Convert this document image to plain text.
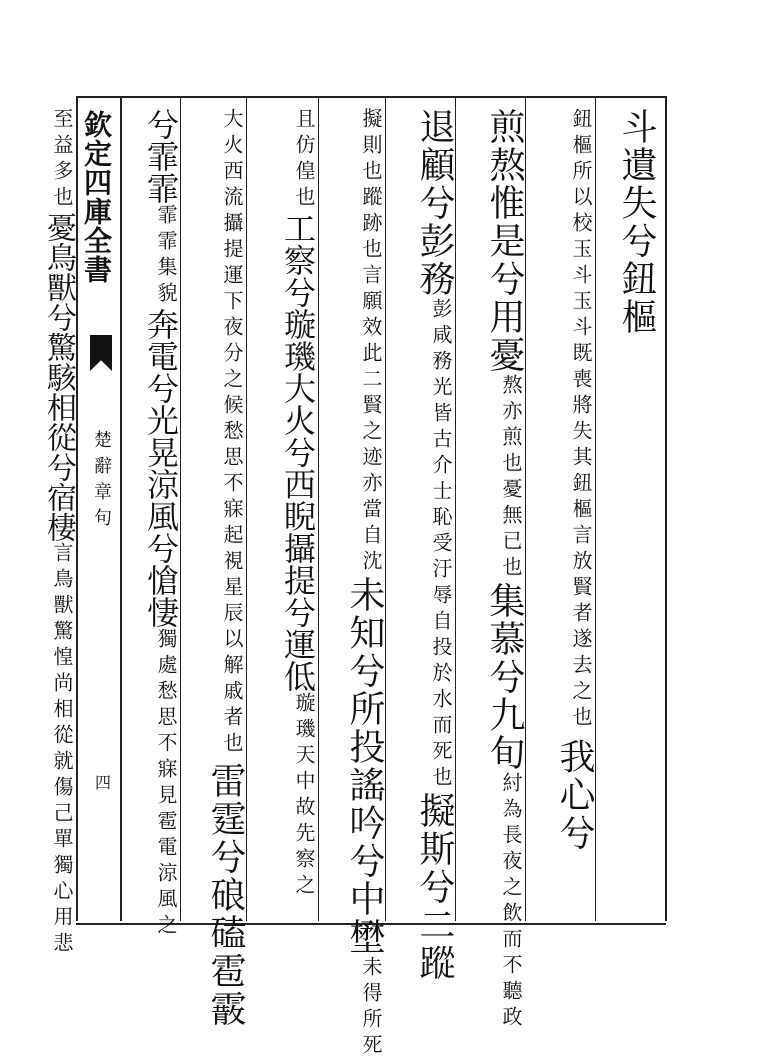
欽定四庫全書
楚辭章句
四
斗遺失兮鈕樞
鈕樞所以校玉斗玉斗既喪將失其鈕樞言放賢者遂去之也我心兮
煎熬惟是兮用憂熬亦煎也憂無已也集慕兮九旬紂為長夜之飲而不聽政
退顧兮彭務彭咸務光皆古介士恥受汙辱自投於水而死也擬斯兮二蹤
擬則也蹤跡也言願效此二賢之迹亦當自沈未知兮所投謠吟兮中壄未得所死
且仿偟也工察兮璇璣大火兮西睨攝提兮運低璇璣天中故先察之
大火西流攝提運下夜分之候愁思不寐起視星辰以解戚者也雷霆兮硠磕雹霰
兮霏霏霏霏集貌奔電兮光晃涼風兮愴悽獨處愁思不寐見雹電涼風之
至益多也憂鳥獸兮驚駭相從兮宿棲言鳥獸驚惶尚相從就傷己單獨心用悲
